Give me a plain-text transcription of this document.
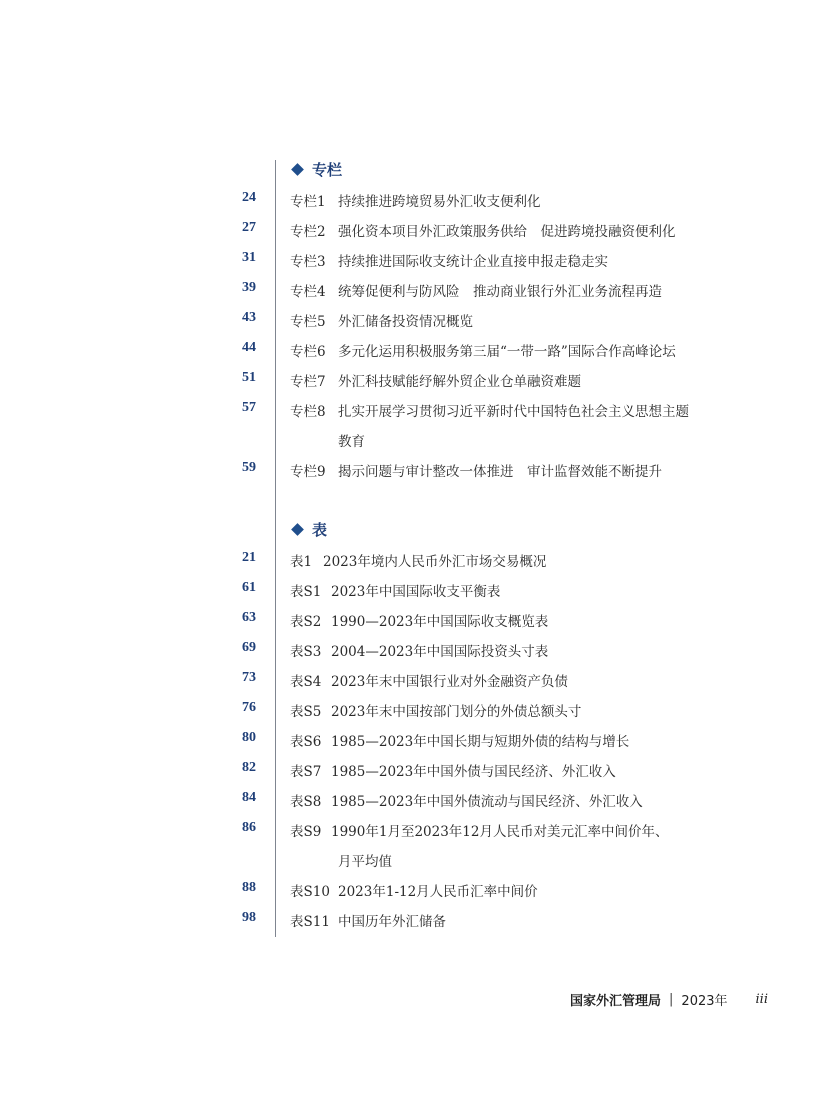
专栏
24	专栏1 持续推进跨境贸易外汇收支便利化
27	专栏2 强化资本项目外汇政策服务供给　促进跨境投融资便利化
31	专栏3 持续推进国际收支统计企业直接申报走稳走实
39	专栏4 统筹促便利与防风险　推动商业银行外汇业务流程再造
43	专栏5 外汇储备投资情况概览
44	专栏6 多元化运用积极服务第三届“一带一路”国际合作高峰论坛
51	专栏7 外汇科技赋能纾解外贸企业仓单融资难题
57	专栏8 扎实开展学习贯彻习近平新时代中国特色社会主义思想主题
教育
59	专栏9 揭示问题与审计整改一体推进　审计监督效能不断提升
表
21	表1 2023年境内人民币外汇市场交易概况
61	表S1 2023年中国国际收支平衡表
63	表S2 1990—2023年中国国际收支概览表
69	表S3 2004—2023年中国国际投资头寸表
73	表S4 2023年末中国银行业对外金融资产负债
76	表S5 2023年末中国按部门划分的外债总额头寸
80	表S6 1985—2023年中国长期与短期外债的结构与增长
82	表S7 1985—2023年中国外债与国民经济、外汇收入
84	表S8 1985—2023年中国外债流动与国民经济、外汇收入
86	表S9 1990年1月至2023年12月人民币对美元汇率中间价年、
月平均值
88	表S10 2023年1-12月人民币汇率中间价
98	表S11 中国历年外汇储备
国家外汇管理局 | 2023年 iii
